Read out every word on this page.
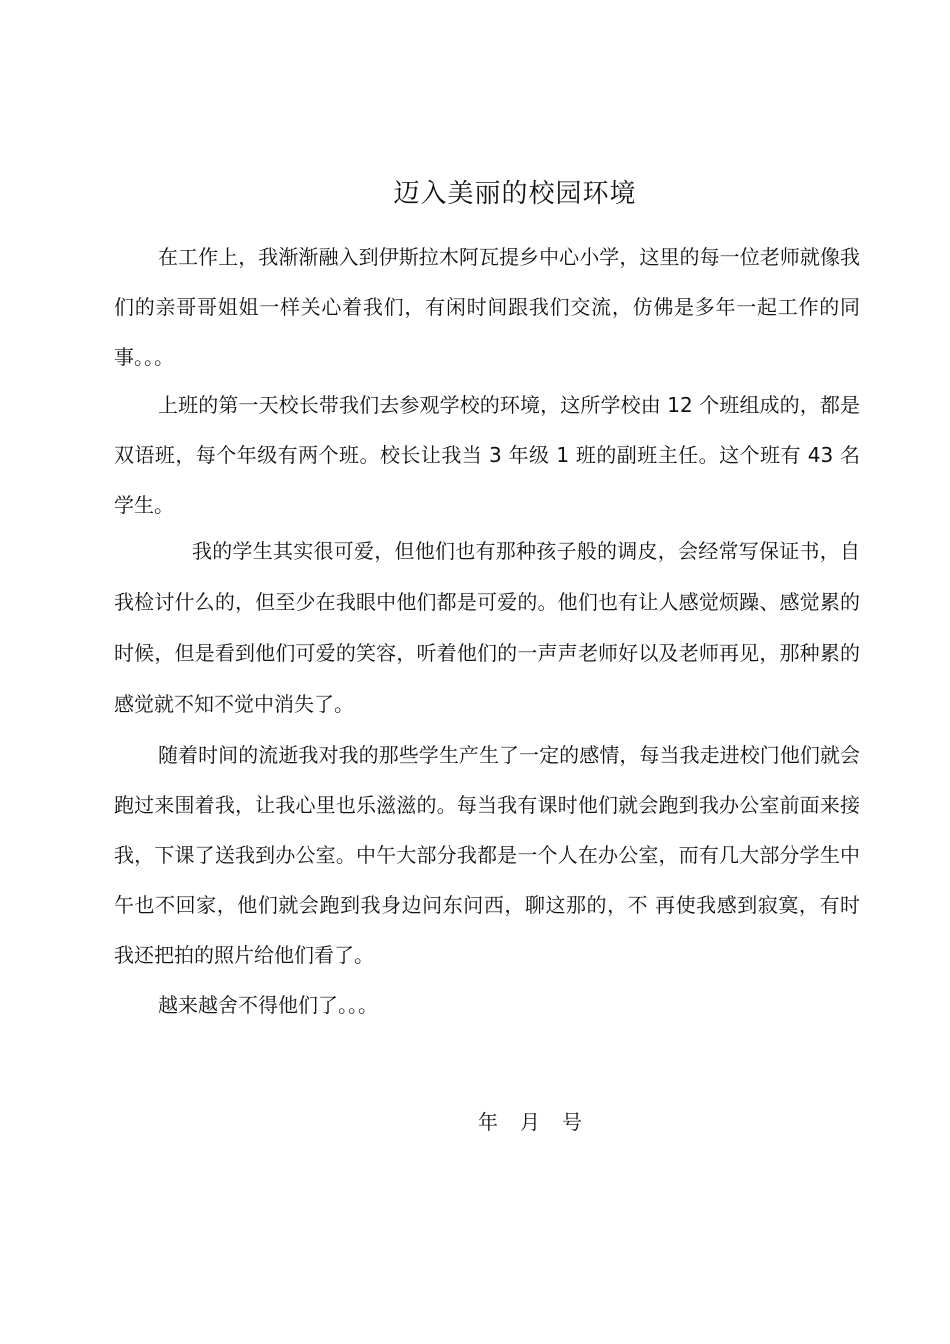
迈入美丽的校园环境

在工作上，我渐渐融入到伊斯拉木阿瓦提乡中心小学，这里的每一位老师就像我们的亲哥哥姐姐一样关心着我们，有闲时间跟我们交流，仿佛是多年一起工作的同事。。。

上班的第一天校长带我们去参观学校的环境，这所学校由 12 个班组成的，都是双语班，每个年级有两个班。校长让我当 3 年级 1 班的副班主任。这个班有 43 名学生。

我的学生其实很可爱，但他们也有那种孩子般的调皮，会经常写保证书，自我检讨什么的，但至少在我眼中他们都是可爱的。他们也有让人感觉烦躁、感觉累的时候，但是看到他们可爱的笑容，听着他们的一声声老师好以及老师再见，那种累的感觉就不知不觉中消失了。

随着时间的流逝我对我的那些学生产生了一定的感情，每当我走进校门他们就会跑过来围着我，让我心里也乐滋滋的。每当我有课时他们就会跑到我办公室前面来接我，下课了送我到办公室。中午大部分我都是一个人在办公室，而有几大部分学生中午也不回家，他们就会跑到我身边问东问西，聊这那的，不 再使我感到寂寞，有时我还把拍的照片给他们看了。

越来越舍不得他们了。。。

年 月 号
